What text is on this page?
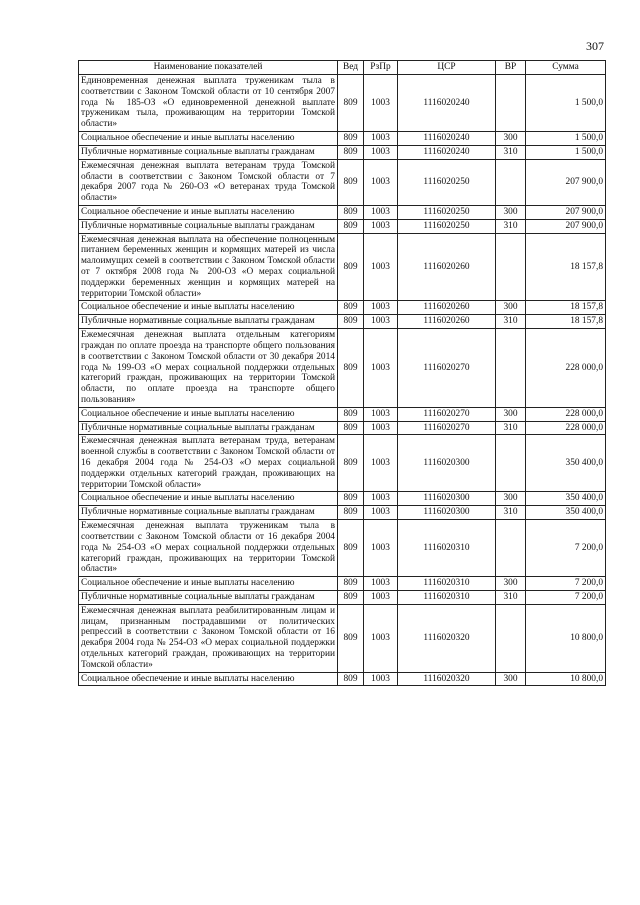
307
Наименование показателей	Вед	РзПр	ЦСР	ВР	Сумма
Единовременная денежная выплата труженикам тыла в соответствии с Законом Томской области от 10 сентября 2007 года № 185-ОЗ «О единовременной денежной выплате труженикам тыла, проживающим на территории Томской области»	809	1003	1116020240		1 500,0
Социальное обеспечение и иные выплаты населению	809	1003	1116020240	300	1 500,0
Публичные нормативные социальные выплаты гражданам	809	1003	1116020240	310	1 500,0
Ежемесячная денежная выплата ветеранам труда Томской области в соответствии с Законом Томской области от 7 декабря 2007 года № 260-ОЗ «О ветеранах труда Томской области»	809	1003	1116020250		207 900,0
Социальное обеспечение и иные выплаты населению	809	1003	1116020250	300	207 900,0
Публичные нормативные социальные выплаты гражданам	809	1003	1116020250	310	207 900,0
Ежемесячная денежная выплата на обеспечение полноценным питанием беременных женщин и кормящих матерей из числа малоимущих семей в соответствии с Законом Томской области от 7 октября 2008 года № 200-ОЗ «О мерах социальной поддержки беременных женщин и кормящих матерей на территории Томской области»	809	1003	1116020260		18 157,8
Социальное обеспечение и иные выплаты населению	809	1003	1116020260	300	18 157,8
Публичные нормативные социальные выплаты гражданам	809	1003	1116020260	310	18 157,8
Ежемесячная денежная выплата отдельным категориям граждан по оплате проезда на транспорте общего пользования в соответствии с Законом Томской области от 30 декабря 2014 года № 199-ОЗ «О мерах социальной поддержки отдельных категорий граждан, проживающих на территории Томской области, по оплате проезда на транспорте общего пользования»	809	1003	1116020270		228 000,0
Социальное обеспечение и иные выплаты населению	809	1003	1116020270	300	228 000,0
Публичные нормативные социальные выплаты гражданам	809	1003	1116020270	310	228 000,0
Ежемесячная денежная выплата ветеранам труда, ветеранам военной службы в соответствии с Законом Томской области от 16 декабря 2004 года № 254-ОЗ «О мерах социальной поддержки отдельных категорий граждан, проживающих на территории Томской области»	809	1003	1116020300		350 400,0
Социальное обеспечение и иные выплаты населению	809	1003	1116020300	300	350 400,0
Публичные нормативные социальные выплаты гражданам	809	1003	1116020300	310	350 400,0
Ежемесячная денежная выплата труженикам тыла в соответствии с Законом Томской области от 16 декабря 2004 года № 254-ОЗ «О мерах социальной поддержки отдельных категорий граждан, проживающих на территории Томской области»	809	1003	1116020310		7 200,0
Социальное обеспечение и иные выплаты населению	809	1003	1116020310	300	7 200,0
Публичные нормативные социальные выплаты гражданам	809	1003	1116020310	310	7 200,0
Ежемесячная денежная выплата реабилитированным лицам и лицам, признанным пострадавшими от политических репрессий в соответствии с Законом Томской области от 16 декабря 2004 года № 254-ОЗ «О мерах социальной поддержки отдельных категорий граждан, проживающих на территории Томской области»	809	1003	1116020320		10 800,0
Социальное обеспечение и иные выплаты населению	809	1003	1116020320	300	10 800,0
